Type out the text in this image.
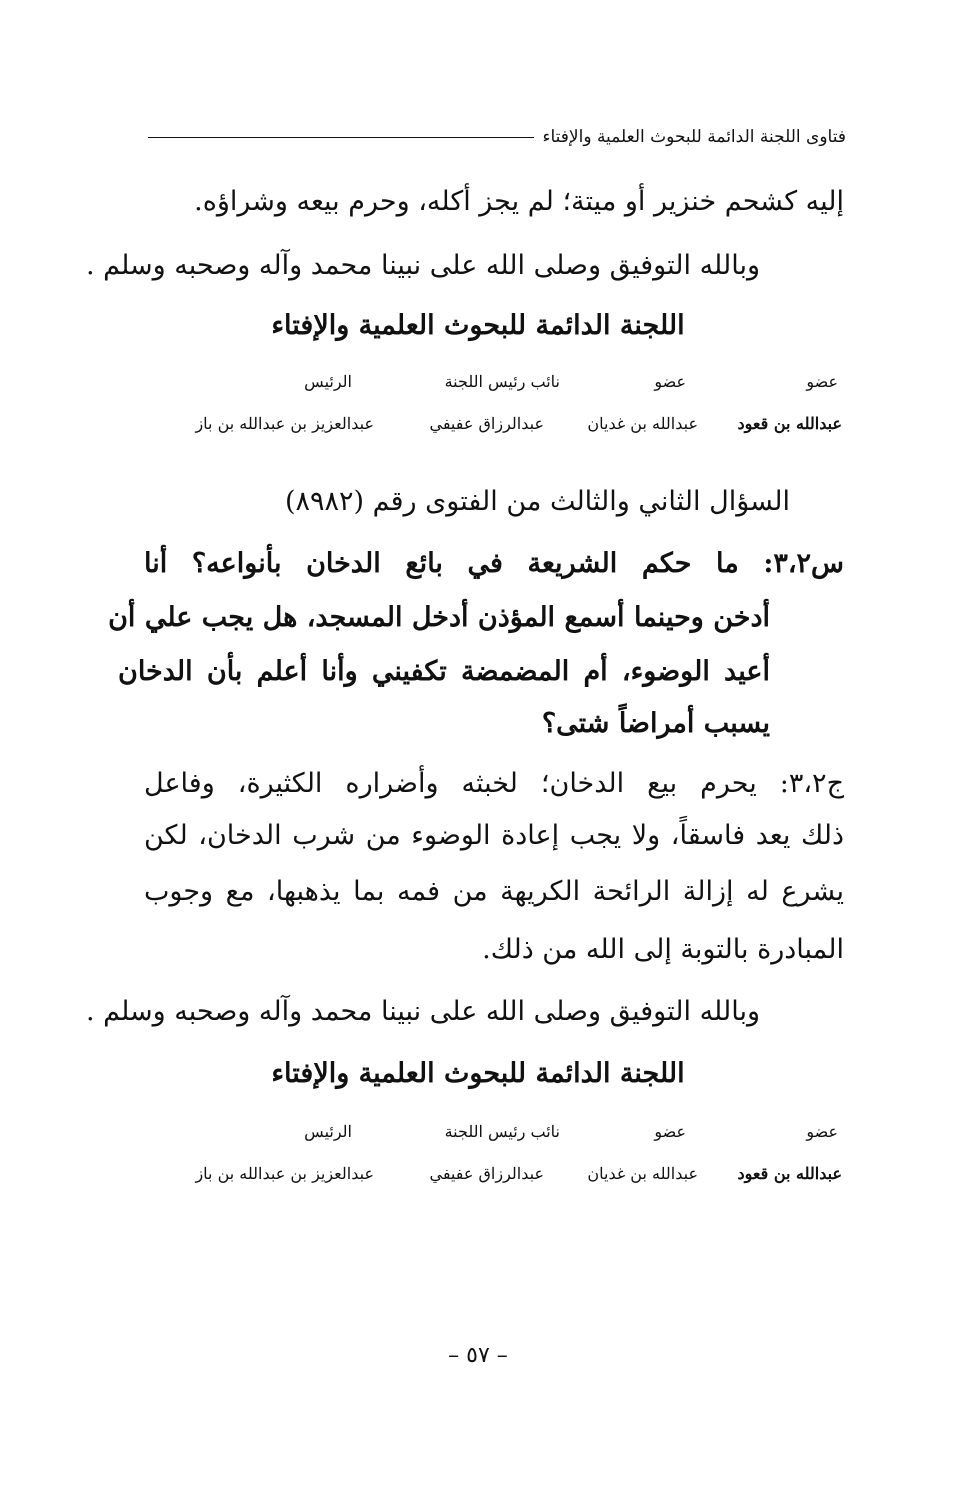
فتاوى اللجنة الدائمة للبحوث العلمية والإفتاء
إليه كشحم خنزير أو ميتة؛ لم يجز أكله، وحرم بيعه وشراؤه.
وبالله التوفيق وصلى الله على نبينا محمد وآله وصحبه وسلم .
اللجنة الدائمة للبحوث العلمية والإفتاء
عضو
عضو
نائب رئيس اللجنة
الرئيس
عبدالله بن قعود
عبدالله بن غديان
عبدالرزاق عفيفي
عبدالعزيز بن عبدالله بن باز
السؤال الثاني والثالث من الفتوى رقم (٨٩٨٢)
س٣،٢: ما حكم الشريعة في بائع الدخان بأنواعه؟ أنا
أدخن وحينما أسمع المؤذن أدخل المسجد، هل يجب علي أن
أعيد الوضوء، أم المضمضة تكفيني وأنا أعلم بأن الدخان
يسبب أمراضاً شتى؟
ج٣،٢: يحرم بيع الدخان؛ لخبثه وأضراره الكثيرة، وفاعل
ذلك يعد فاسقاً، ولا يجب إعادة الوضوء من شرب الدخان، لكن
يشرع له إزالة الرائحة الكريهة من فمه بما يذهبها، مع وجوب
المبادرة بالتوبة إلى الله من ذلك.
وبالله التوفيق وصلى الله على نبينا محمد وآله وصحبه وسلم .
اللجنة الدائمة للبحوث العلمية والإفتاء
عضو
عضو
نائب رئيس اللجنة
الرئيس
عبدالله بن قعود
عبدالله بن غديان
عبدالرزاق عفيفي
عبدالعزيز بن عبدالله بن باز
– ٥٧ –
